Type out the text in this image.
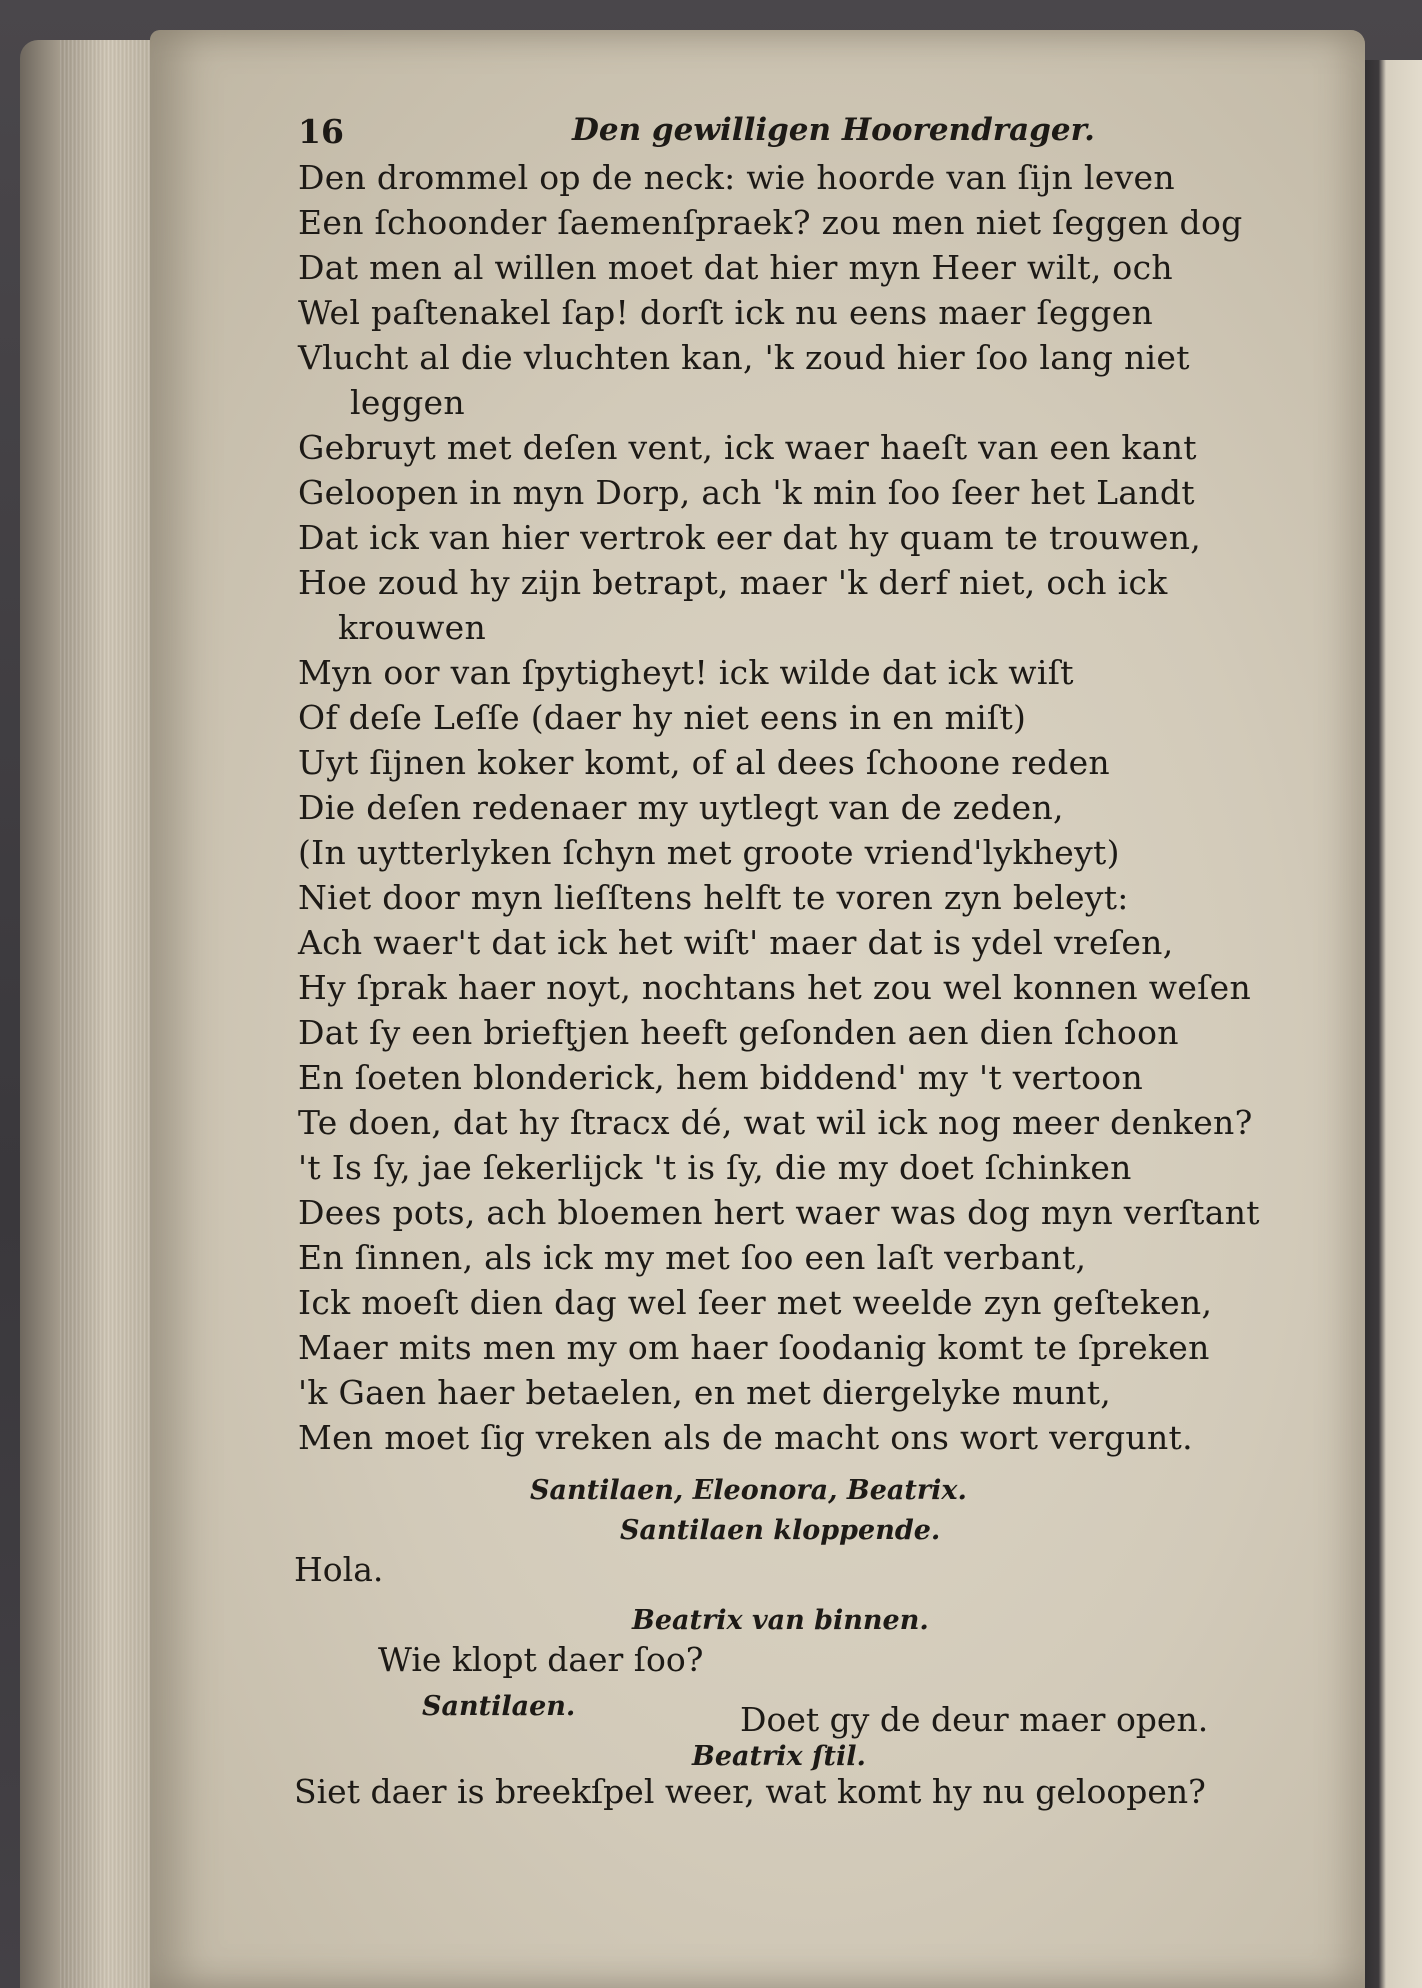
16	Den gewilligen Hoorendrager.
Den drommel op de neck: wie hoorde van ſijn leven
Een ſchoonder ſaemenſpraek? zou men niet ſeggen dog
Dat men al willen moet dat hier myn Heer wilt, och
Wel paſtenakel ſap! dorſt ick nu eens maer ſeggen
Vlucht al die vluchten kan, 'k zoud hier ſoo lang niet
leggen
Gebruyt met deſen vent, ick waer haeſt van een kant
Geloopen in myn Dorp, ach 'k min ſoo ſeer het Landt
Dat ick van hier vertrok eer dat hy quam te trouwen,
Hoe zoud hy zijn betrapt, maer 'k derf niet, och ick
krouwen
Myn oor van ſpytigheyt! ick wilde dat ick wiſt
Of deſe Leſſe (daer hy niet eens in en miſt)
Uyt ſijnen koker komt, of al dees ſchoone reden
Die deſen redenaer my uytlegt van de zeden,
(In uytterlyken ſchyn met groote vriend'lykheyt)
Niet door myn lieſſtens helft te voren zyn beleyt:
Ach waer't dat ick het wiſt' maer dat is ydel vreſen,
Hy ſprak haer noyt, nochtans het zou wel konnen weſen
Dat ſy een briefţjen heeft geſonden aen dien ſchoon
En ſoeten blonderick, hem biddend' my 't vertoon
Te doen, dat hy ſtracx dé, wat wil ick nog meer denken?
't Is ſy, jae ſekerlijck 't is ſy, die my doet ſchinken
Dees pots, ach bloemen hert waer was dog myn verſtant
En ſinnen, als ick my met ſoo een laſt verbant,
Ick moeſt dien dag wel ſeer met weelde zyn geſteken,
Maer mits men my om haer ſoodanig komt te ſpreken
'k Gaen haer betaelen, en met diergelyke munt,
Men moet ſig vreken als de macht ons wort vergunt.
Santilaen, Eleonora, Beatrix.
Santilaen kloppende.
Hola.
Beatrix van binnen.
Wie klopt daer ſoo?
Santilaen.	Doet gy de deur maer open.
Beatrix ſtil.
Siet daer is breekſpel weer, wat komt hy nu geloopen?
